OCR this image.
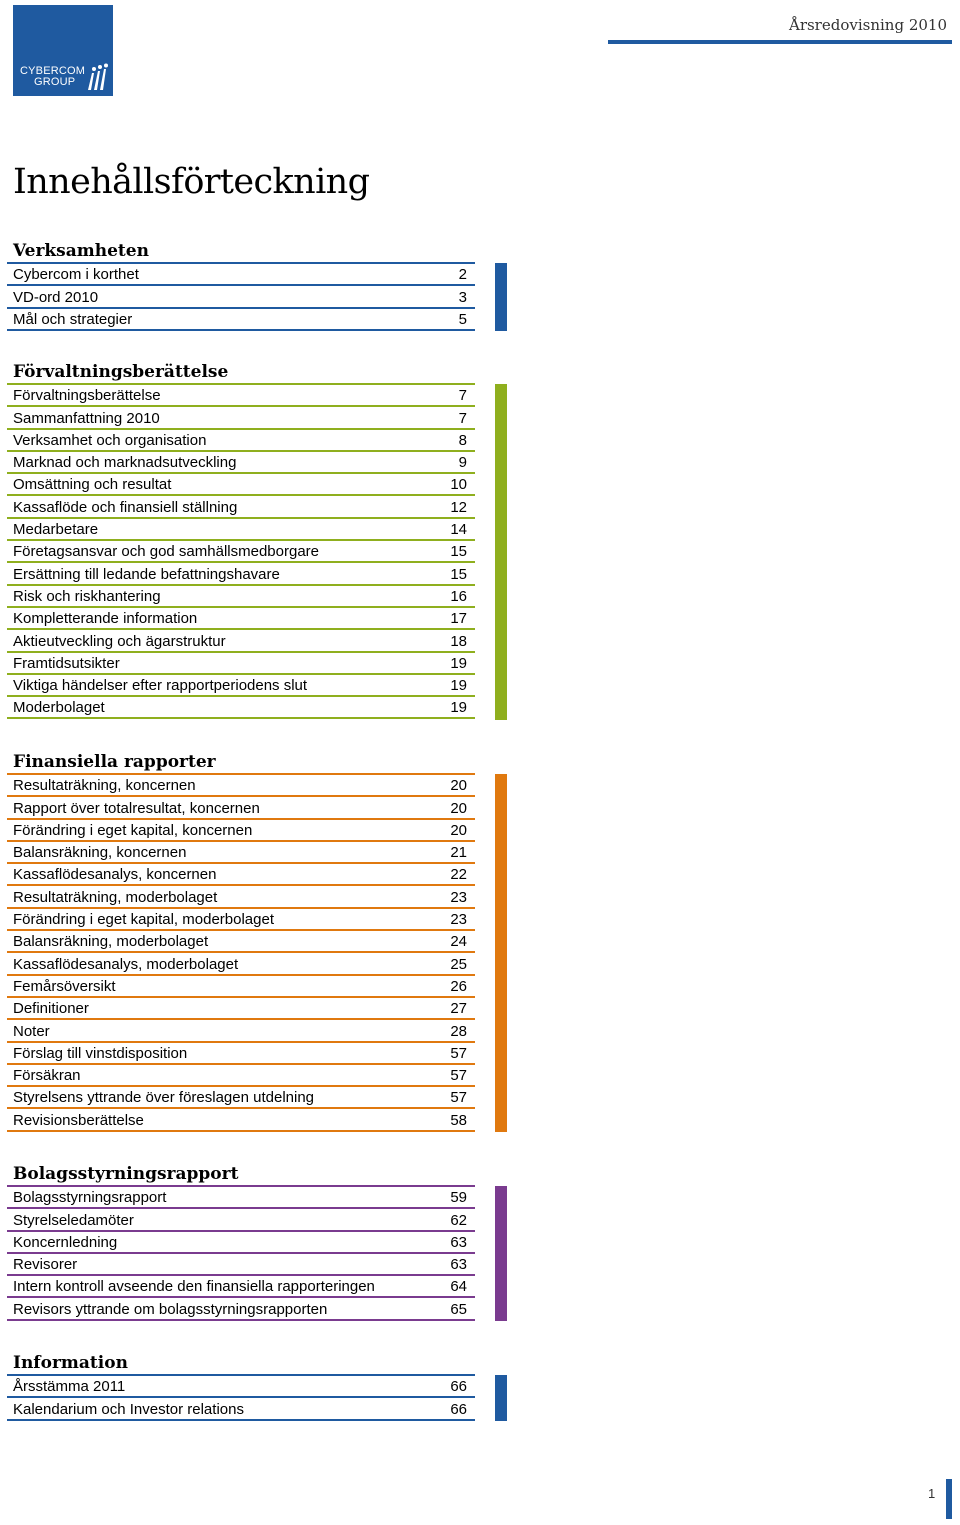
CYBERCOM
GROUP
Årsredovisning 2010
Innehållsförteckning
Verksamheten
Cybercom i korthet	2
VD-ord 2010	3
Mål och strategier	5
Förvaltningsberättelse
Förvaltningsberättelse	7
Sammanfattning 2010	7
Verksamhet och organisation	8
Marknad och marknadsutveckling	9
Omsättning och resultat	10
Kassaflöde och finansiell ställning	12
Medarbetare	14
Företagsansvar och god samhällsmedborgare	15
Ersättning till ledande befattningshavare	15
Risk och riskhantering	16
Kompletterande information	17
Aktieutveckling och ägarstruktur	18
Framtidsutsikter	19
Viktiga händelser efter rapportperiodens slut	19
Moderbolaget	19
Finansiella rapporter
Resultaträkning, koncernen	20
Rapport över totalresultat, koncernen	20
Förändring i eget kapital, koncernen	20
Balansräkning, koncernen	21
Kassaflödesanalys, koncernen	22
Resultaträkning, moderbolaget	23
Förändring i eget kapital, moderbolaget	23
Balansräkning, moderbolaget	24
Kassaflödesanalys, moderbolaget	25
Femårsöversikt	26
Definitioner	27
Noter	28
Förslag till vinstdisposition	57
Försäkran	57
Styrelsens yttrande över föreslagen utdelning	57
Revisionsberättelse	58
Bolagsstyrningsrapport
Bolagsstyrningsrapport	59
Styrelseledamöter	62
Koncernledning	63
Revisorer	63
Intern kontroll avseende den finansiella rapporteringen	64
Revisors yttrande om bolagsstyrningsrapporten	65
Information
Årsstämma 2011	66
Kalendarium och Investor relations	66
1
